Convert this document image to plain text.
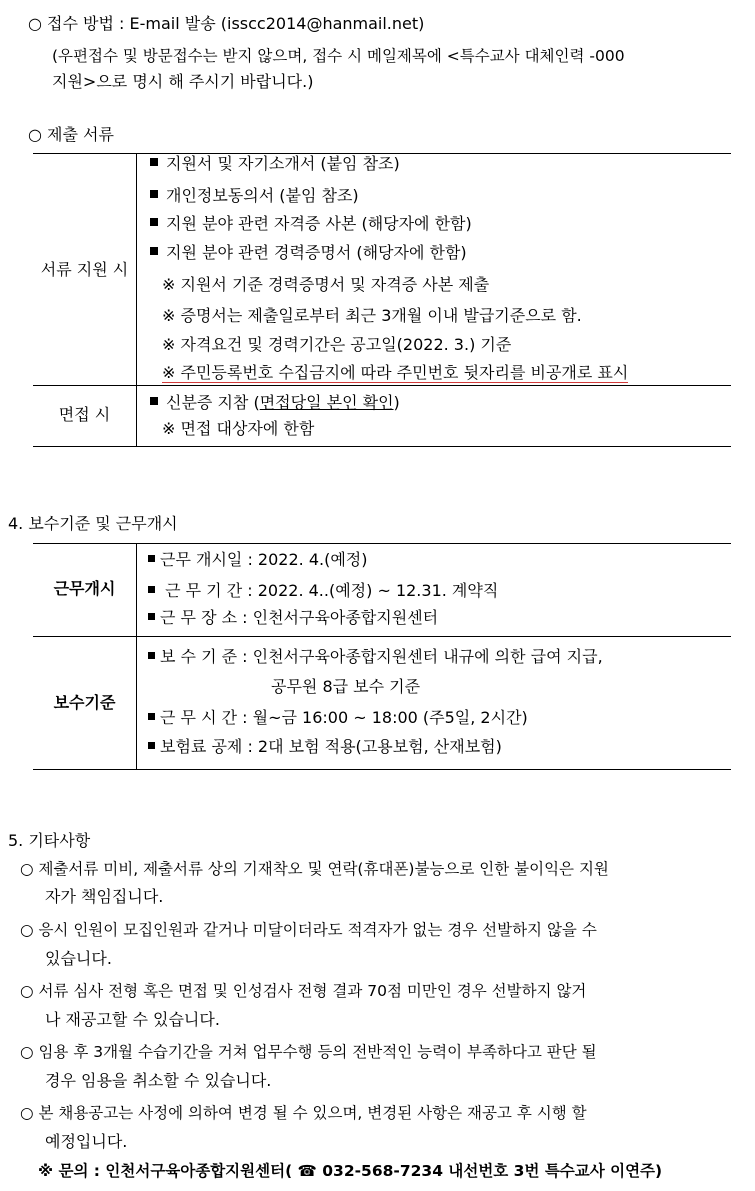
○ 접수 방법 : E-mail 발송 (isscc2014@hanmail.net)
(우편접수 및 방문접수는 받지 않으며, 접수 시 메일제목에 <특수교사 대체인력 -000
지원>으로 명시 해 주시기 바랍니다.)
○ 제출 서류
서류 지원 시
지원서 및 자기소개서 (붙임 참조)
개인정보동의서 (붙임 참조)
지원 분야 관련 자격증 사본 (해당자에 한함)
지원 분야 관련 경력증명서 (해당자에 한함)
※ 지원서 기준 경력증명서 및 자격증 사본 제출
※ 증명서는 제출일로부터 최근 3개월 이내 발급기준으로 함.
※ 자격요건 및 경력기간은 공고일(2022. 3.) 기준
※ 주민등록번호 수집금지에 따라 주민번호 뒷자리를 비공개로 표시
면접 시
신분증 지참 (면접당일 본인 확인)
※ 면접 대상자에 한함
4. 보수기준 및 근무개시
근무개시
근무 개시일 : 2022. 4.(예정)
근 무 기 간 : 2022. 4..(예정) ~ 12.31. 계약직
근 무 장 소 : 인천서구육아종합지원센터
보수기준
보 수 기 준 : 인천서구육아종합지원센터 내규에 의한 급여 지급,
공무원 8급 보수 기준
근 무 시 간 : 월~금 16:00 ~ 18:00 (주5일, 2시간)
보험료 공제 : 2대 보험 적용(고용보험, 산재보험)
5. 기타사항
○ 제출서류 미비, 제출서류 상의 기재착오 및 연락(휴대폰)불능으로 인한 불이익은 지원
자가 책임집니다.
○ 응시 인원이 모집인원과 같거나 미달이더라도 적격자가 없는 경우 선발하지 않을 수
있습니다.
○ 서류 심사 전형 혹은 면접 및 인성검사 전형 결과 70점 미만인 경우 선발하지 않거
나 재공고할 수 있습니다.
○ 임용 후 3개월 수습기간을 거쳐 업무수행 등의 전반적인 능력이 부족하다고 판단 될
경우 임용을 취소할 수 있습니다.
○ 본 채용공고는 사정에 의하여 변경 될 수 있으며, 변경된 사항은 재공고 후 시행 할
예정입니다.
※ 문의 : 인천서구육아종합지원센터( ☎ 032-568-7234 내선번호 3번 특수교사 이연주)
